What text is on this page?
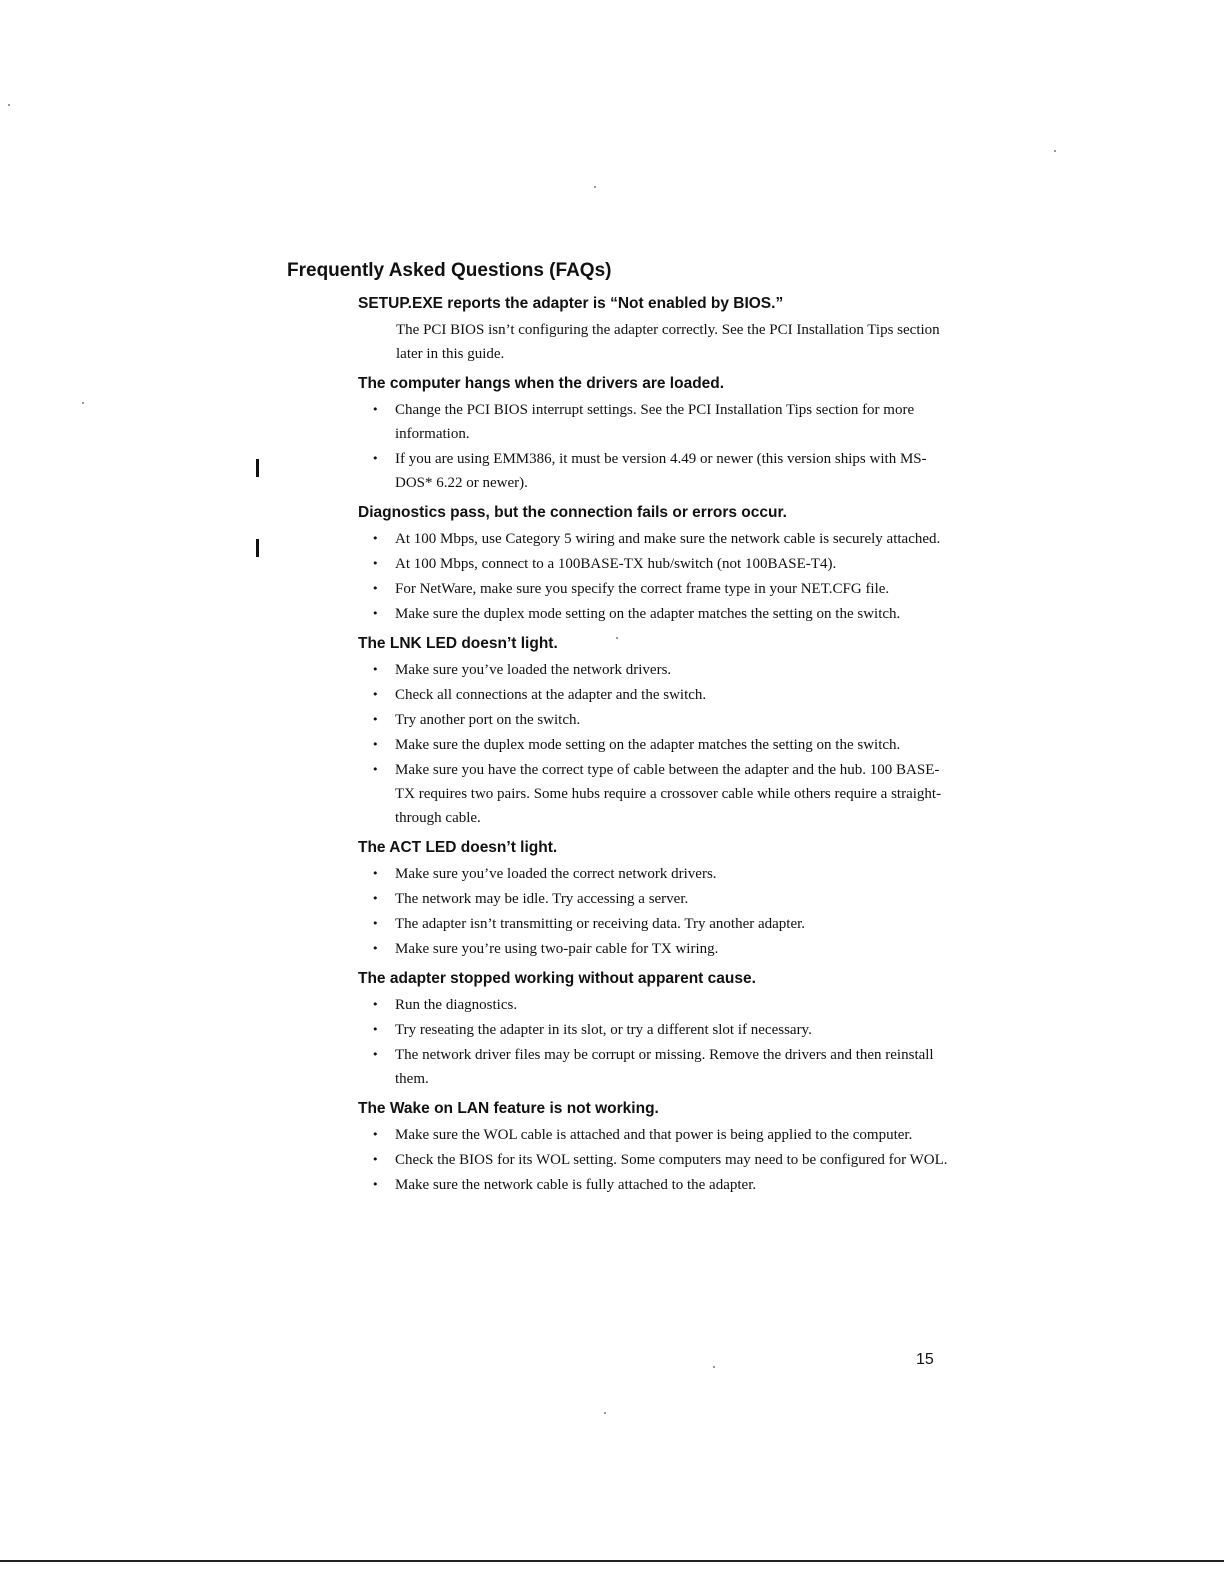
Frequently Asked Questions (FAQs)
SETUP.EXE reports the adapter is “Not enabled by BIOS.”

The PCI BIOS isn’t configuring the adapter correctly. See the PCI Installation Tips section later in this guide.

The computer hangs when the drivers are loaded.
• Change the PCI BIOS interrupt settings. See the PCI Installation Tips section for more information.
• If you are using EMM386, it must be version 4.49 or newer (this version ships with MS-DOS* 6.22 or newer).
Diagnostics pass, but the connection fails or errors occur.
• At 100 Mbps, use Category 5 wiring and make sure the network cable is securely attached.
• At 100 Mbps, connect to a 100BASE-TX hub/switch (not 100BASE-T4).
• For NetWare, make sure you specify the correct frame type in your NET.CFG file.
• Make sure the duplex mode setting on the adapter matches the setting on the switch.
The LNK LED doesn’t light.
• Make sure you’ve loaded the network drivers.
• Check all connections at the adapter and the switch.
• Try another port on the switch.
• Make sure the duplex mode setting on the adapter matches the setting on the switch.
• Make sure you have the correct type of cable between the adapter and the hub. 100 BASE-TX requires two pairs. Some hubs require a crossover cable while others require a straight-through cable.
The ACT LED doesn’t light.
• Make sure you’ve loaded the correct network drivers.
• The network may be idle. Try accessing a server.
• The adapter isn’t transmitting or receiving data. Try another adapter.
• Make sure you’re using two-pair cable for TX wiring.
The adapter stopped working without apparent cause.
• Run the diagnostics.
• Try reseating the adapter in its slot, or try a different slot if necessary.
• The network driver files may be corrupt or missing. Remove the drivers and then reinstall them.
The Wake on LAN feature is not working.
• Make sure the WOL cable is attached and that power is being applied to the computer.
• Check the BIOS for its WOL setting. Some computers may need to be configured for WOL.
• Make sure the network cable is fully attached to the adapter.
15
